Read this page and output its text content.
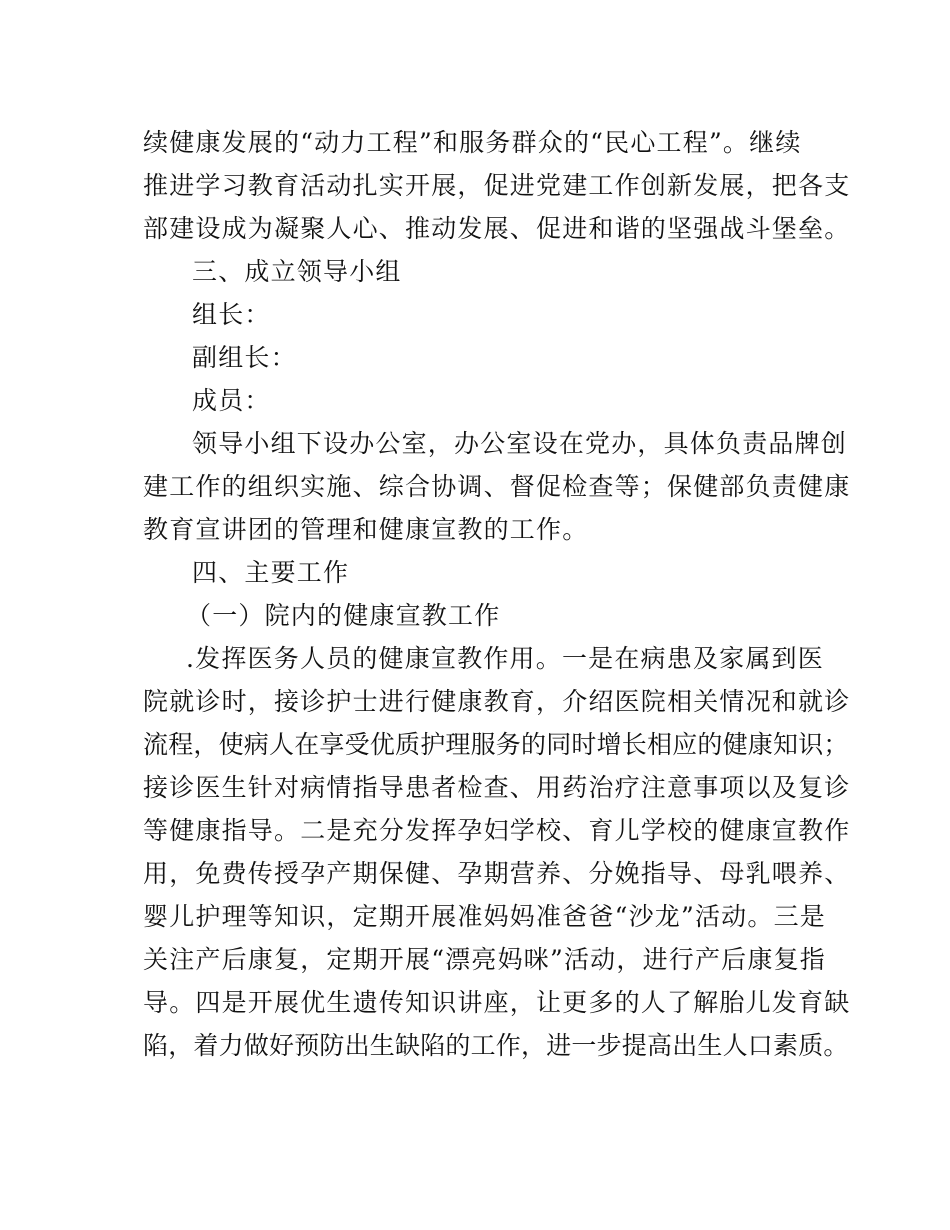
续健康发展的“动力工程”和服务群众的“民心工程”。继续
推进学习教育活动扎实开展，促进党建工作创新发展，把各支
部建设成为凝聚人心、推动发展、促进和谐的坚强战斗堡垒。
三、成立领导小组
组长：
副组长：
成员：
领导小组下设办公室，办公室设在党办，具体负责品牌创
建工作的组织实施、综合协调、督促检查等；保健部负责健康
教育宣讲团的管理和健康宣教的工作。
四、主要工作
（一）院内的健康宣教工作
.发挥医务人员的健康宣教作用。一是在病患及家属到医
院就诊时，接诊护士进行健康教育，介绍医院相关情况和就诊
流程，使病人在享受优质护理服务的同时增长相应的健康知识；
接诊医生针对病情指导患者检查、用药治疗注意事项以及复诊
等健康指导。二是充分发挥孕妇学校、育儿学校的健康宣教作
用，免费传授孕产期保健、孕期营养、分娩指导、母乳喂养、
婴儿护理等知识，定期开展准妈妈准爸爸“沙龙”活动。三是
关注产后康复，定期开展“漂亮妈咪”活动，进行产后康复指
导。四是开展优生遗传知识讲座，让更多的人了解胎儿发育缺
陷，着力做好预防出生缺陷的工作，进一步提高出生人口素质。
